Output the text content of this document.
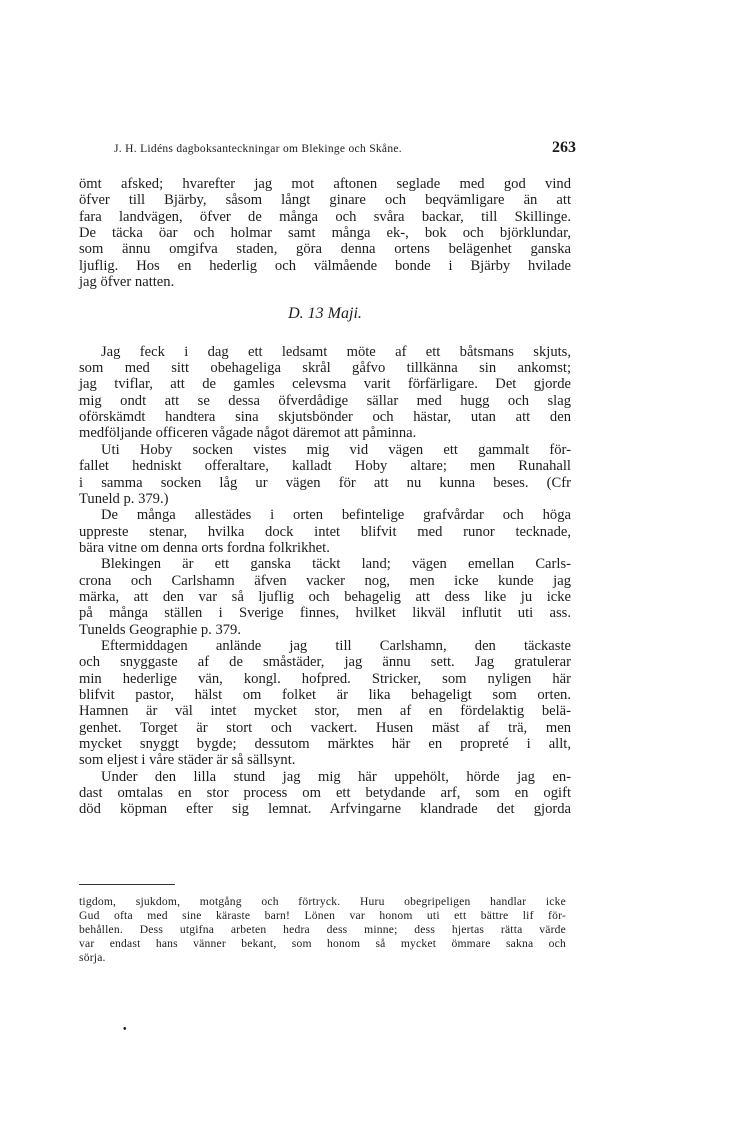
J. H. Lidéns dagboksanteckningar om Blekinge och Skåne.	263
ömt afsked; hvarefter jag mot aftonen seglade med god vind
öfver till Bjärby, såsom långt ginare och beqvämligare än att
fara landvägen, öfver de många och svåra backar, till Skillinge.
De täcka öar och holmar samt många ek-, bok och björklundar,
som ännu omgifva staden, göra denna ortens belägenhet ganska
ljuflig. Hos en hederlig och välmående bonde i Bjärby hvilade
jag öfver natten.
D. 13 Maji.
Jag feck i dag ett ledsamt möte af ett båtsmans skjuts,
som med sitt obehageliga skrål gåfvo tillkänna sin ankomst;
jag tviflar, att de gamles celevsma varit förfärligare. Det gjorde
mig ondt att se dessa öfverdådige sällar med hugg och slag
oförskämdt handtera sina skjutsbönder och hästar, utan att den
medföljande officeren vågade något däremot att påminna.
Uti Hoby socken vistes mig vid vägen ett gammalt för-
fallet hedniskt offeraltare, kalladt Hoby altare; men Runahall
i samma socken låg ur vägen för att nu kunna beses. (Cfr
Tuneld p. 379.)
De många allestädes i orten befintelige grafvårdar och höga
uppreste stenar, hvilka dock intet blifvit med runor tecknade,
bära vitne om denna orts fordna folkrikhet.
Blekingen är ett ganska täckt land; vägen emellan Carls-
crona och Carlshamn äfven vacker nog, men icke kunde jag
märka, att den var så ljuflig och behagelig att dess like ju icke
på många ställen i Sverige finnes, hvilket likväl influtit uti ass.
Tunelds Geographie p. 379.
Eftermiddagen anlände jag till Carlshamn, den täckaste
och snyggaste af de småstäder, jag ännu sett. Jag gratulerar
min hederlige vän, kongl. hofpred. Stricker, som nyligen här
blifvit pastor, hälst om folket är lika behageligt som orten.
Hamnen är väl intet mycket stor, men af en fördelaktig belä-
genhet. Torget är stort och vackert. Husen mäst af trä, men
mycket snyggt bygde; dessutom märktes här en propreté i allt,
som eljest i våre städer är så sällsynt.
Under den lilla stund jag mig här uppehölt, hörde jag en-
dast omtalas en stor process om ett betydande arf, som en ogift
död köpman efter sig lemnat. Arfvingarne klandrade det gjorda
tigdom, sjukdom, motgång och förtryck. Huru obegripeligen handlar icke
Gud ofta med sine käraste barn! Lönen var honom uti ett bättre lif för-
behållen. Dess utgifna arbeten hedra dess minne; dess hjertas rätta värde
var endast hans vänner bekant, som honom så mycket ömmare sakna och
sörja.
•
